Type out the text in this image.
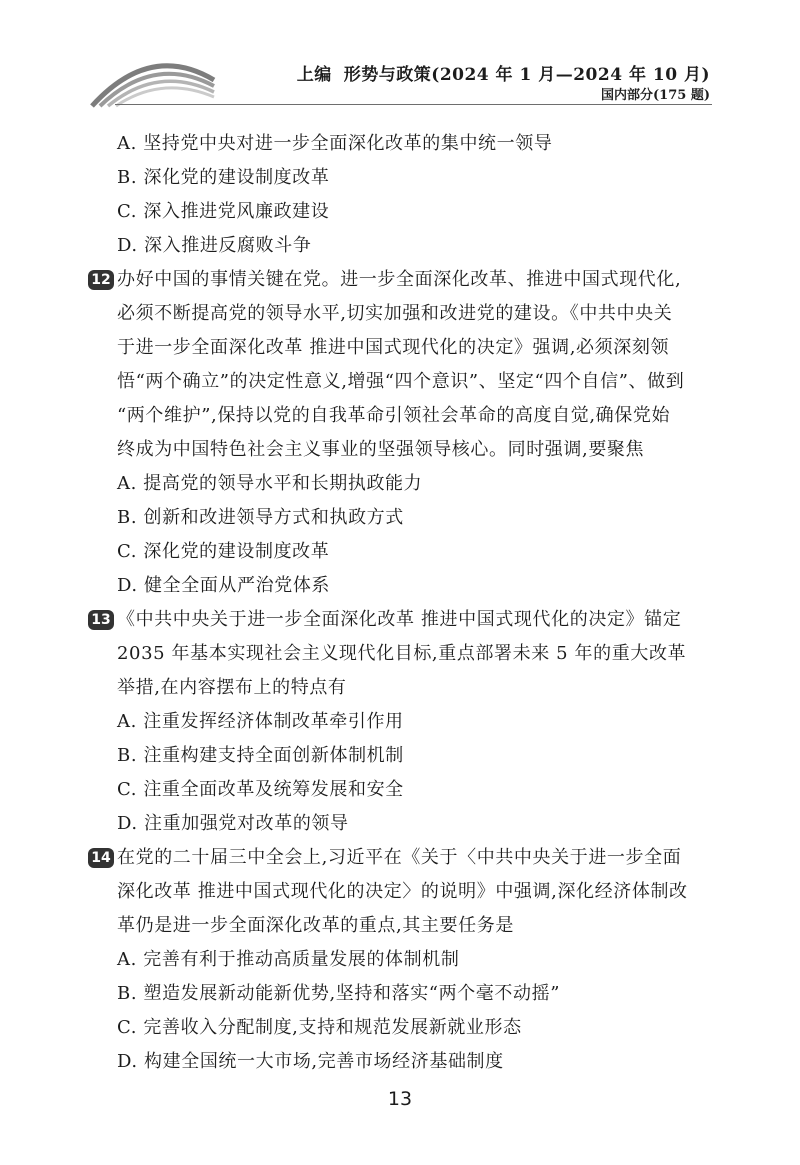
上编 形势与政策(2024 年 1 月—2024 年 10 月)
国内部分(175 题)
A. 坚持党中央对进一步全面深化改革的集中统一领导
B. 深化党的建设制度改革
C. 深入推进党风廉政建设
D. 深入推进反腐败斗争
12 办好中国的事情关键在党。进一步全面深化改革、推进中国式现代化,
必须不断提高党的领导水平,切实加强和改进党的建设。《中共中央关
于进一步全面深化改革 推进中国式现代化的决定》强调,必须深刻领
悟“两个确立”的决定性意义,增强“四个意识”、坚定“四个自信”、做到
“两个维护”,保持以党的自我革命引领社会革命的高度自觉,确保党始
终成为中国特色社会主义事业的坚强领导核心。同时强调,要聚焦
A. 提高党的领导水平和长期执政能力
B. 创新和改进领导方式和执政方式
C. 深化党的建设制度改革
D. 健全全面从严治党体系
13 《中共中央关于进一步全面深化改革 推进中国式现代化的决定》锚定
2035 年基本实现社会主义现代化目标,重点部署未来 5 年的重大改革
举措,在内容摆布上的特点有
A. 注重发挥经济体制改革牵引作用
B. 注重构建支持全面创新体制机制
C. 注重全面改革及统筹发展和安全
D. 注重加强党对改革的领导
14 在党的二十届三中全会上,习近平在《关于〈中共中央关于进一步全面
深化改革 推进中国式现代化的决定〉的说明》中强调,深化经济体制改
革仍是进一步全面深化改革的重点,其主要任务是
A. 完善有利于推动高质量发展的体制机制
B. 塑造发展新动能新优势,坚持和落实“两个毫不动摇”
C. 完善收入分配制度,支持和规范发展新就业形态
D. 构建全国统一大市场,完善市场经济基础制度
13
